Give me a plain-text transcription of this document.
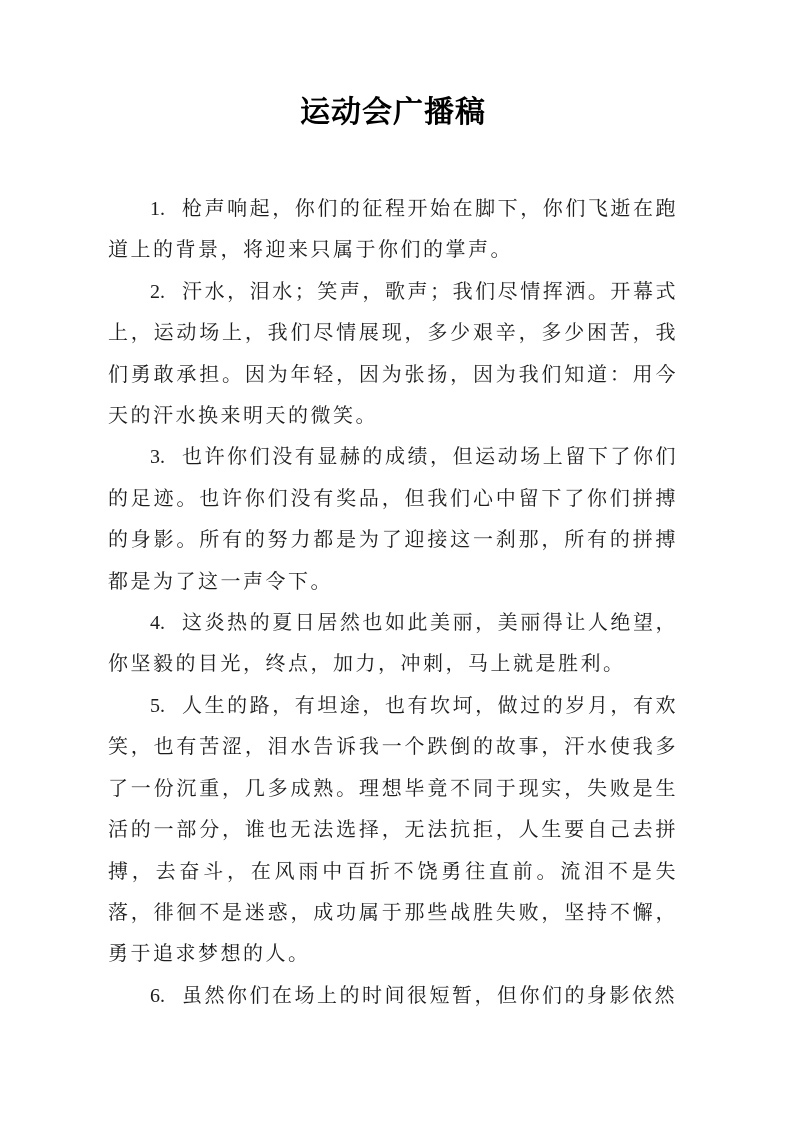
运动会广播稿

1. 枪声响起，你们的征程开始在脚下，你们飞逝在跑道上的背景，将迎来只属于你们的掌声。

2. 汗水，泪水；笑声，歌声；我们尽情挥洒。开幕式上，运动场上，我们尽情展现，多少艰辛，多少困苦，我们勇敢承担。因为年轻，因为张扬，因为我们知道：用今天的汗水换来明天的微笑。

3. 也许你们没有显赫的成绩，但运动场上留下了你们的足迹。也许你们没有奖品，但我们心中留下了你们拼搏的身影。所有的努力都是为了迎接这一刹那，所有的拼搏都是为了这一声令下。

4. 这炎热的夏日居然也如此美丽，美丽得让人绝望，你坚毅的目光，终点，加力，冲刺，马上就是胜利。

5. 人生的路，有坦途，也有坎坷，做过的岁月，有欢笑，也有苦涩，泪水告诉我一个跌倒的故事，汗水使我多了一份沉重，几多成熟。理想毕竟不同于现实，失败是生活的一部分，谁也无法选择，无法抗拒，人生要自己去拼搏，去奋斗，在风雨中百折不饶勇往直前。流泪不是失落，徘徊不是迷惑，成功属于那些战胜失败，坚持不懈，勇于追求梦想的人。

6. 虽然你们在场上的时间很短暂，但你们的身影依然
